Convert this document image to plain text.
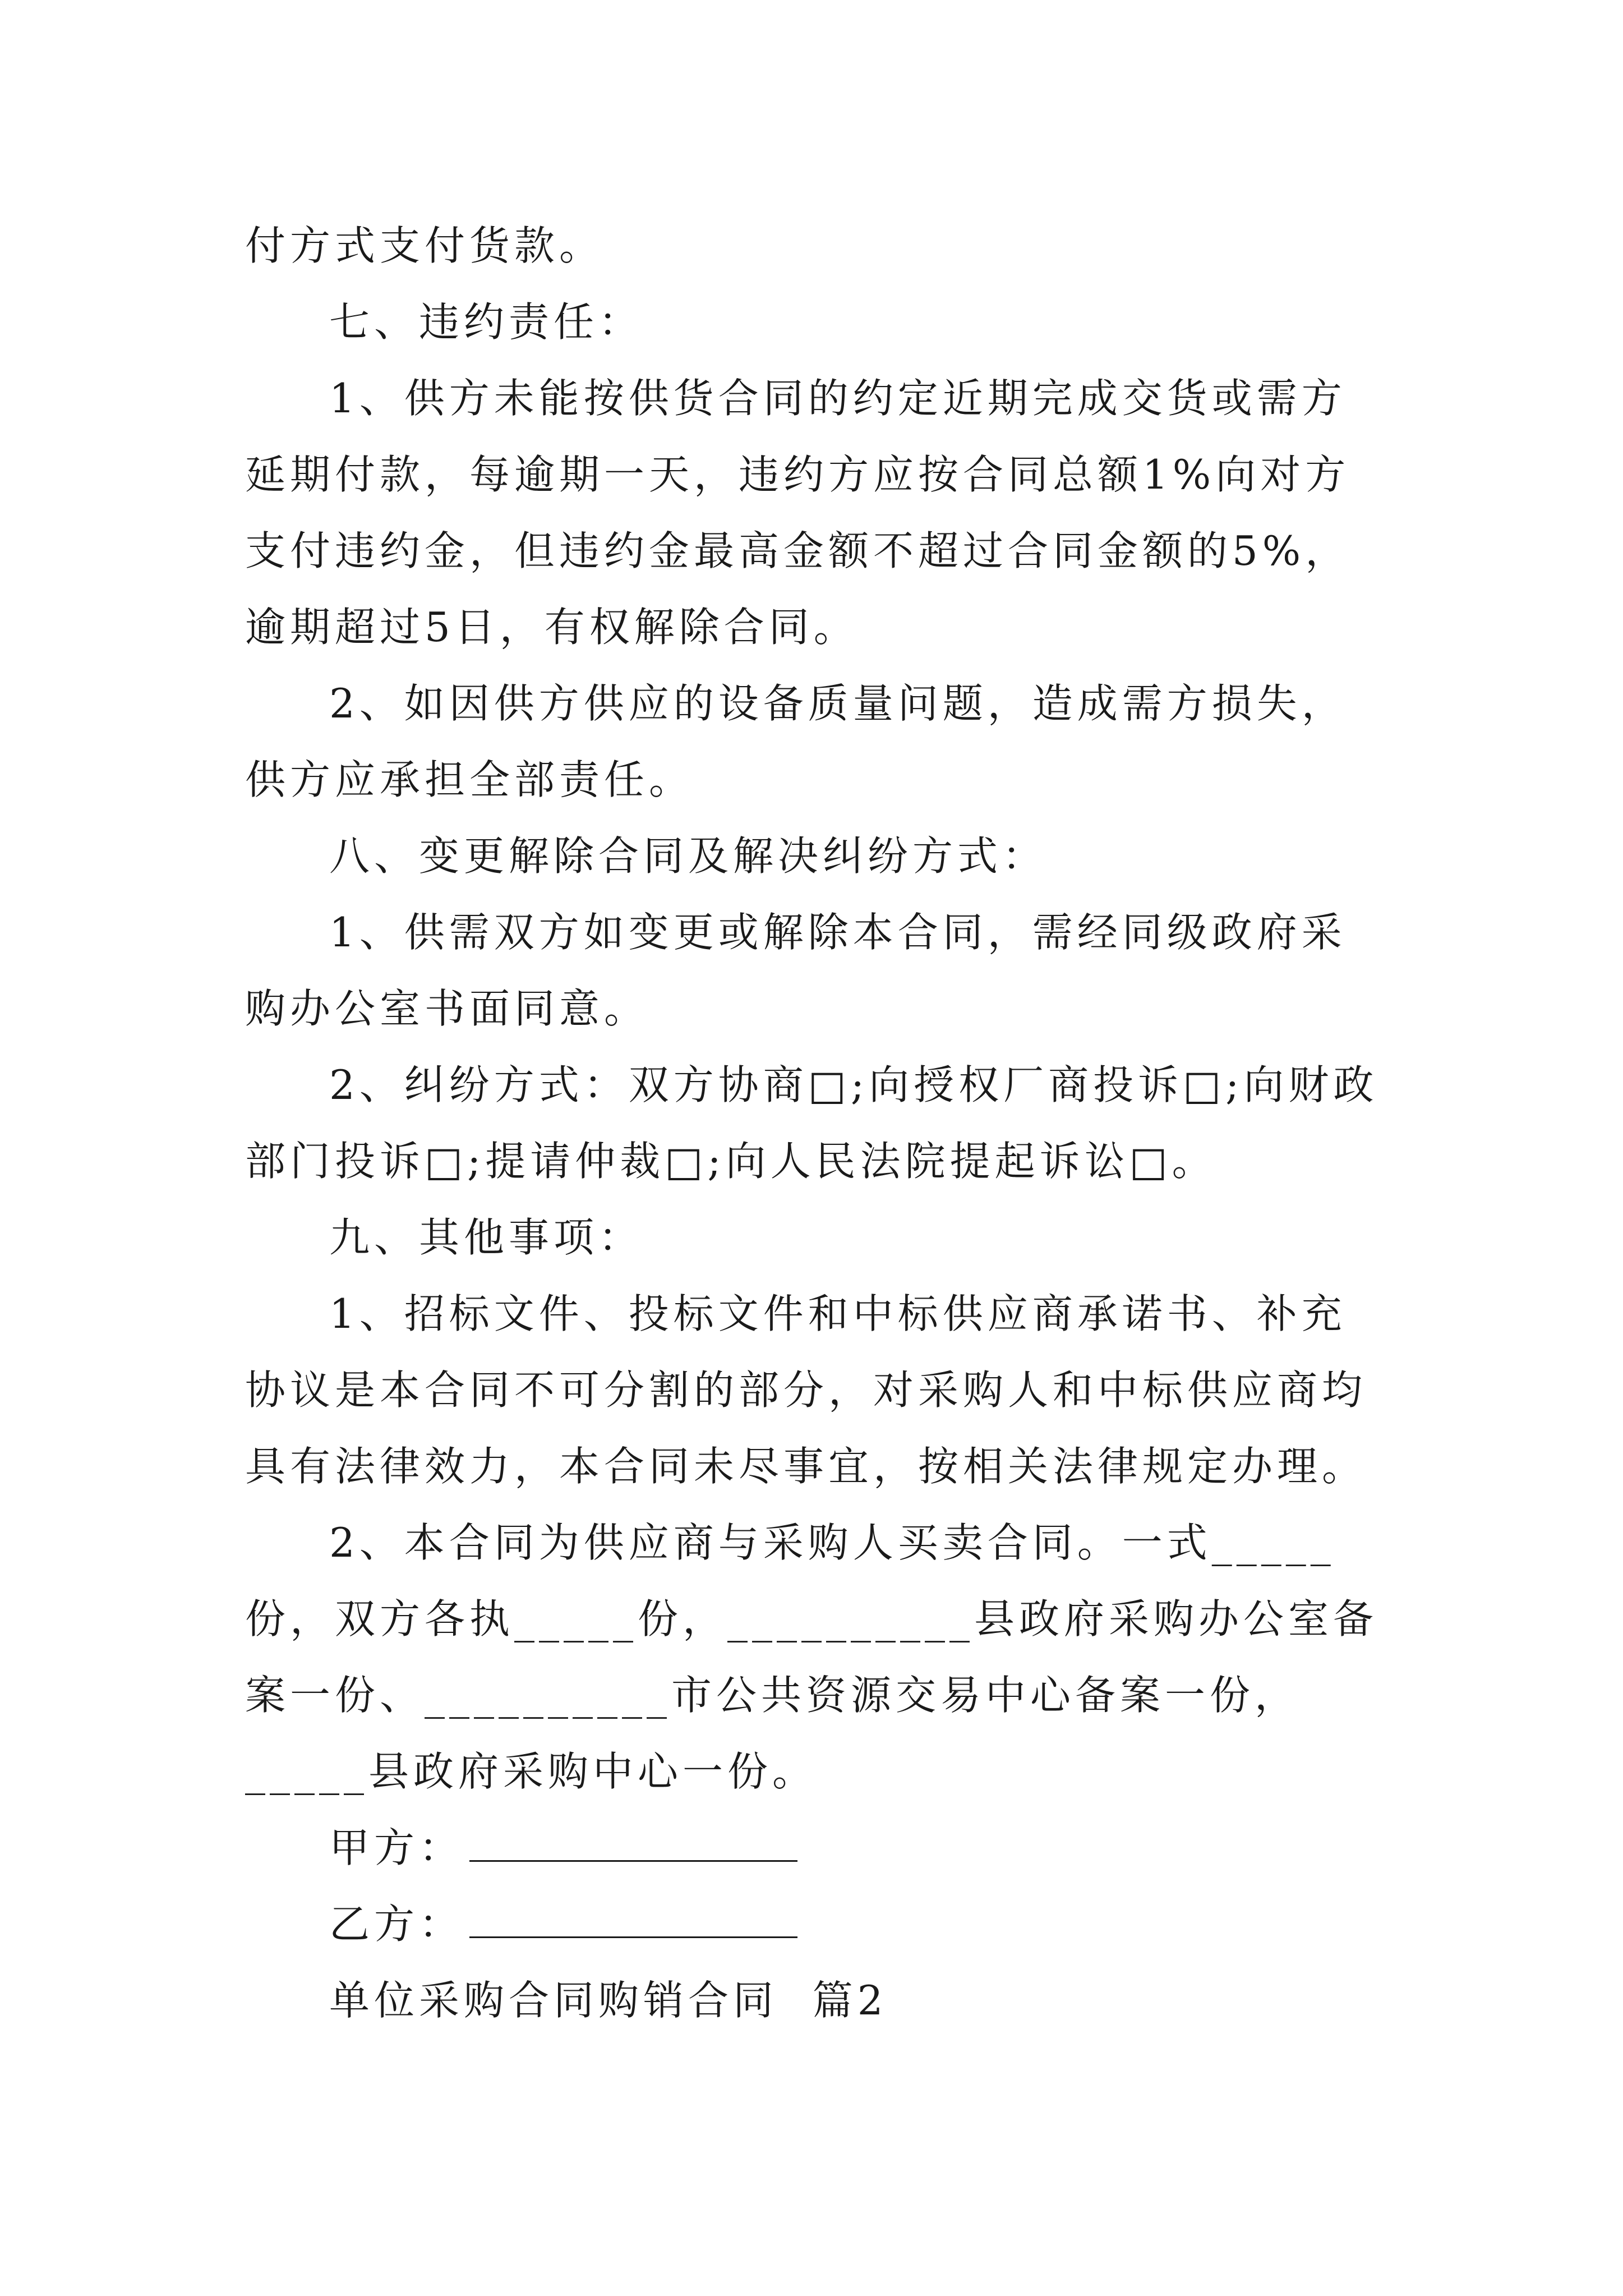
付方式支付货款。

七、违约责任：

1、供方未能按供货合同的约定近期完成交货或需方延期付款，每逾期一天，违约方应按合同总额1%向对方支付违约金，但违约金最高金额不超过合同金额的5%，逾期超过5日，有权解除合同。

2、如因供方供应的设备质量问题，造成需方损失，供方应承担全部责任。

八、变更解除合同及解决纠纷方式：

1、供需双方如变更或解除本合同，需经同级政府采购办公室书面同意。

2、纠纷方式：双方协商□;向授权厂商投诉□;向财政部门投诉□;提请仲裁□;向人民法院提起诉讼□。

九、其他事项：

1、招标文件、投标文件和中标供应商承诺书、补充协议是本合同不可分割的部分，对采购人和中标供应商均具有法律效力，本合同未尽事宜，按相关法律规定办理。

2、本合同为供应商与采购人买卖合同。一式_____份，双方各执_____份，__________县政府采购办公室备案一份、__________市公共资源交易中心备案一份，_____县政府采购中心一份。

甲方：

乙方：

单位采购合同购销合同  篇2
